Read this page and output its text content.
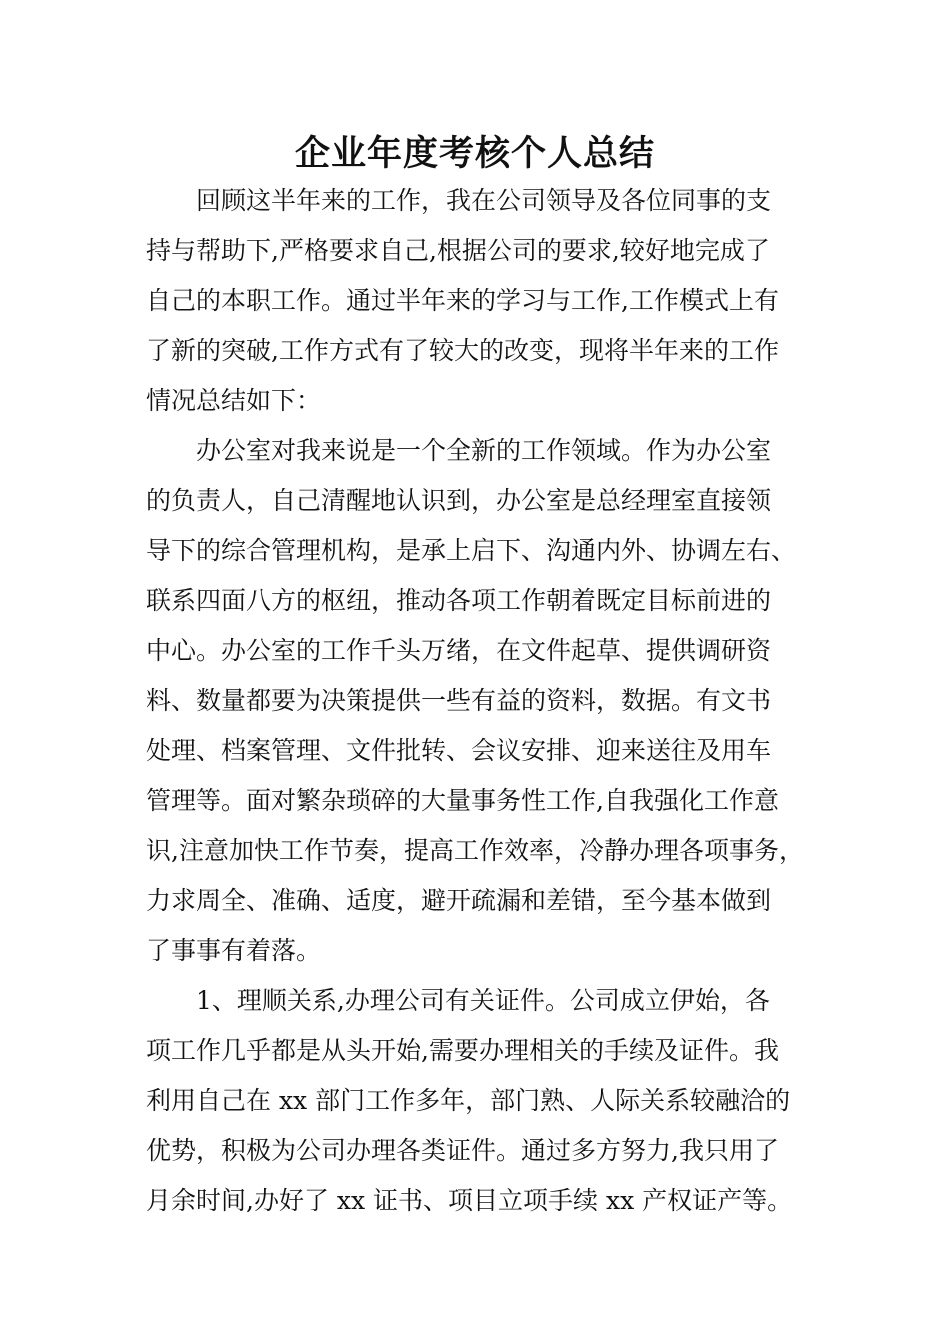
企业年度考核个人总结
回顾这半年来的工作，我在公司领导及各位同事的支
持与帮助下,严格要求自己,根据公司的要求,较好地完成了
自己的本职工作。通过半年来的学习与工作,工作模式上有
了新的突破,工作方式有了较大的改变，现将半年来的工作
情况总结如下：
办公室对我来说是一个全新的工作领域。作为办公室
的负责人，自己清醒地认识到，办公室是总经理室直接领
导下的综合管理机构，是承上启下、沟通内外、协调左右、
联系四面八方的枢纽，推动各项工作朝着既定目标前进的
中心。办公室的工作千头万绪，在文件起草、提供调研资
料、数量都要为决策提供一些有益的资料，数据。有文书
处理、档案管理、文件批转、会议安排、迎来送往及用车
管理等。面对繁杂琐碎的大量事务性工作,自我强化工作意
识,注意加快工作节奏，提高工作效率，冷静办理各项事务，
力求周全、准确、适度，避开疏漏和差错，至今基本做到
了事事有着落。
1、理顺关系,办理公司有关证件。公司成立伊始，各
项工作几乎都是从头开始,需要办理相关的手续及证件。我
利用自己在 xx 部门工作多年，部门熟、人际关系较融洽的
优势，积极为公司办理各类证件。通过多方努力,我只用了
月余时间,办好了 xx 证书、项目立项手续 xx 产权证产等。
